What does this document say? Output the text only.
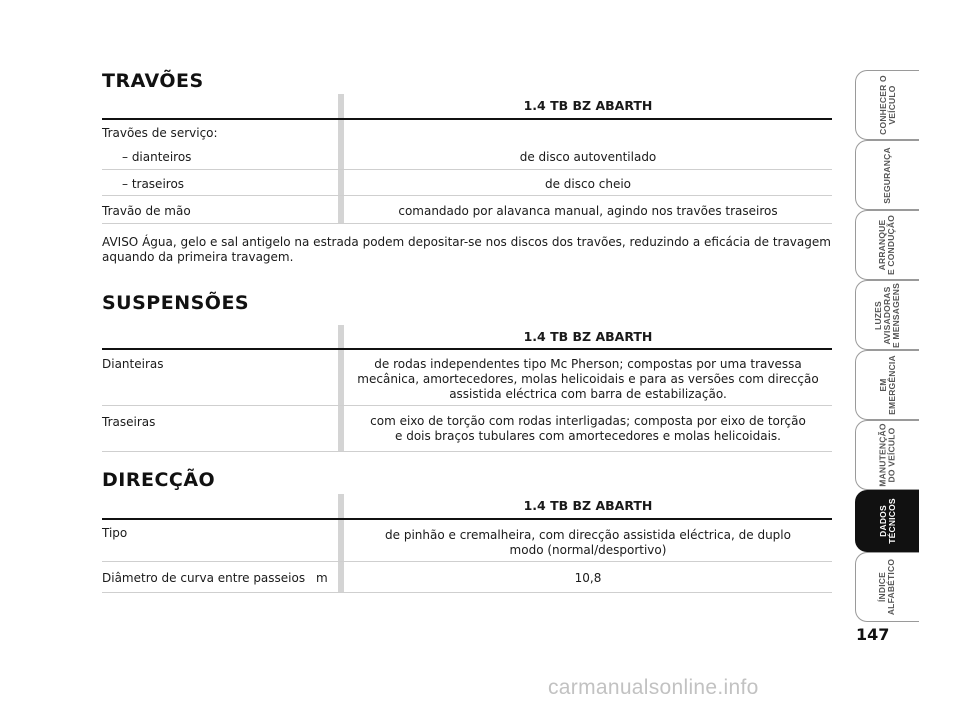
TRAVÕES
1.4 TB BZ ABARTH
Travões de serviço:
– dianteiros	de disco autoventilado
– traseiros	de disco cheio
Travão de mão	comandado por alavanca manual, agindo nos travões traseiros
AVISO Água, gelo e sal antigelo na estrada podem depositar-se nos discos dos travões, reduzindo a eficácia de travagem aquando da primeira travagem.
SUSPENSÕES
1.4 TB BZ ABARTH
Dianteiras	de rodas independentes tipo Mc Pherson; compostas por uma travessa mecânica, amortecedores, molas helicoidais e para as versões com direcção assistida eléctrica com barra de estabilização.
Traseiras	com eixo de torção com rodas interligadas; composta por eixo de torção e dois braços tubulares com amortecedores e molas helicoidais.
DIRECÇÃO
1.4 TB BZ ABARTH
Tipo	de pinhão e cremalheira, com direcção assistida eléctrica, de duplo modo (normal/desportivo)
Diâmetro de curva entre passeios m	10,8
CONHECER O
VEÍCULO
SEGURANÇA
ARRANQUE
E CONDUÇÃO
LUZES
AVISADORAS
E MENSAGENS
EM
EMERGÊNCIA
MANUTENÇÃO
DO VEÍCULO
DADOS
TÉCNICOS
ÍNDICE
ALFABÉTICO
147
carmanualsonline.info
